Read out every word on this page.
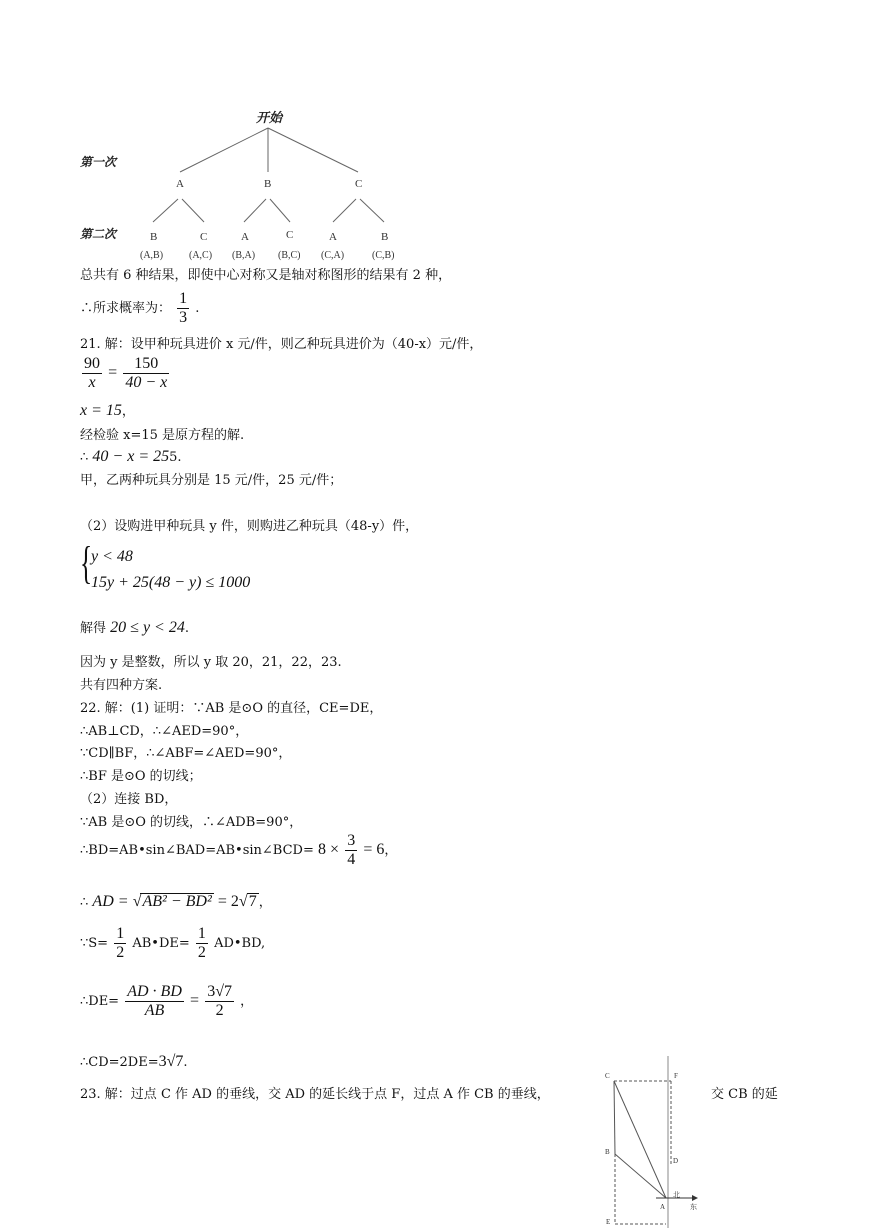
开始
第一次
第二次
A	B	C
B	C	A	C	A	B
(A,B)	(A,C) (B,A) (B,C) (C,A)	(C,B)
总共有 6 种结果，即使中心对称又是轴对称图形的结果有 2 种，
∴所求概率为： $\frac{1}{3}$ .
21. 解：设甲种玩具进价 x 元/件，则乙种玩具进价为（40-x）元/件，
$\frac{90}{x} = \frac{150}{40 - x}$
x = 15，
经检验 x=15 是原方程的解.
∴ 40 − x = 255.
甲，乙两种玩具分别是 15 元/件，25 元/件；
（2）设购进甲种玩具 y 件，则购进乙种玩具（48-y）件，
{
y < 48
15y + 25(48 − y) ≤ 1000
解得 20 ≤ y < 24.
因为 y 是整数，所以 y 取 20，21，22，23.
共有四种方案.
22. 解：(1) 证明：∵AB 是⊙O 的直径，CE=DE，
∴AB⊥CD，∴∠AED=90°，
∵CD∥BF，∴∠ABF=∠AED=90°，
∴BF 是⊙O 的切线；
（2）连接 BD，
∵AB 是⊙O 的切线，∴∠ADB=90°，
∴BD=AB•sin∠BAD=AB•sin∠BCD= $8 \times \frac{3}{4} = 6$，
∴ AD = √AB² − BD² = 2√7 ，
∵S= $\frac{1}{2}$ AB•DE= $\frac{1}{2}$ AD•BD,
∴DE= $\frac{AD \cdot BD}{AB} = \frac{3√7}{2}$ ，
∴CD=2DE=3√7.
23. 解：过点 C 作 AD 的垂线，交 AD 的延长线于点 F，过点 A 作 CB 的垂线，	交 CB 的延
C	F
B
D
A
E
北
东
